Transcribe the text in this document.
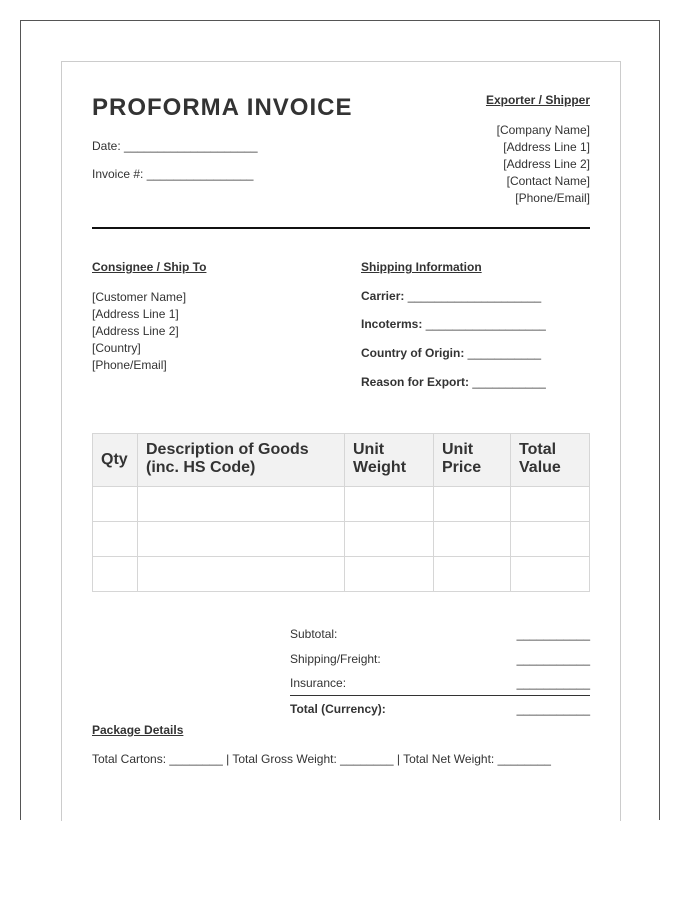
PROFORMA INVOICE
Date: ____________________
Invoice #: ________________
Exporter / Shipper
[Company Name]
[Address Line 1]
[Address Line 2]
[Contact Name]
[Phone/Email]
Consignee / Ship To
[Customer Name]
[Address Line 1]
[Address Line 2]
[Country]
[Phone/Email]
Shipping Information
Carrier: ____________________
Incoterms: __________________
Country of Origin: ___________
Reason for Export: ___________
Qty	Description of Goods (inc. HS Code)	Unit Weight	Unit Price	Total Value

Subtotal:	___________
Shipping/Freight:	___________
Insurance:	___________
Total (Currency):	___________
Package Details
Total Cartons: ________ | Total Gross Weight: ________ | Total Net Weight: ________
